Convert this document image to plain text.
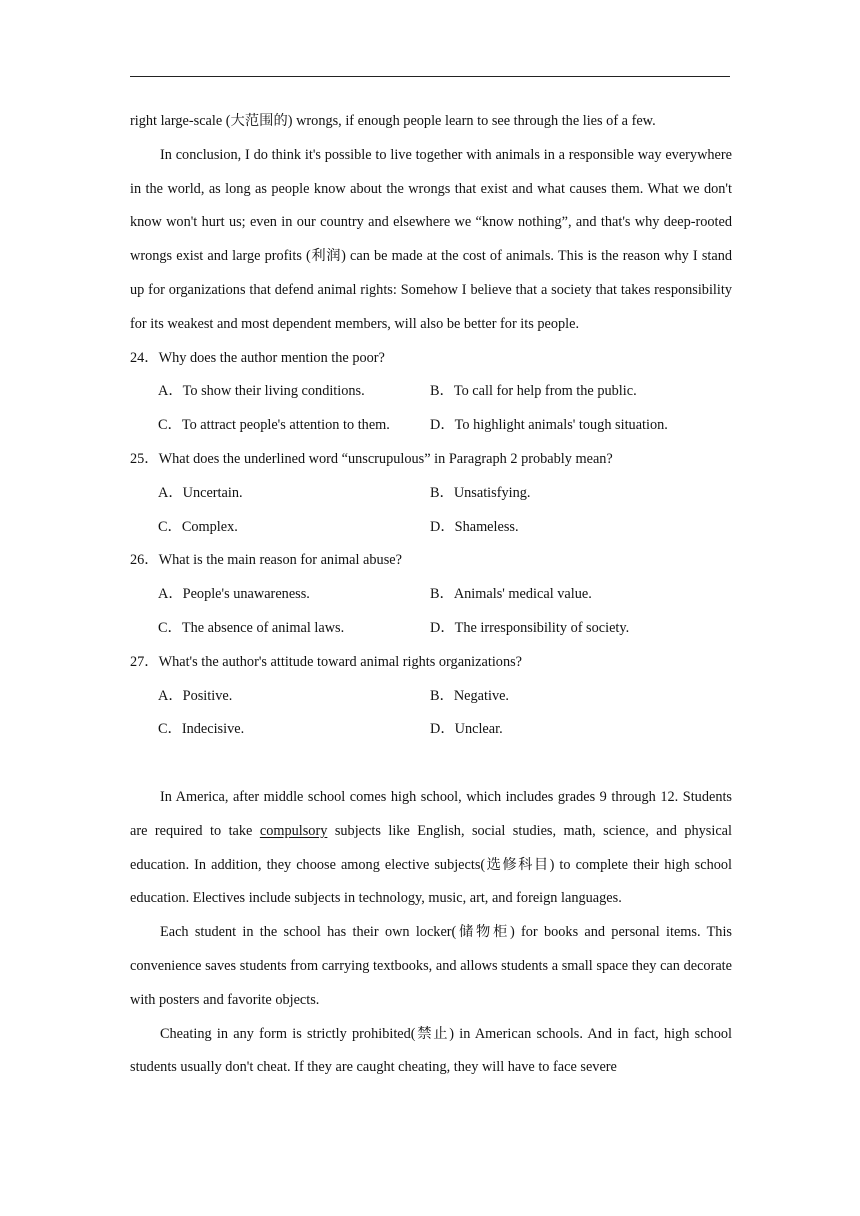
right large-scale (大范围的) wrongs, if enough people learn to see through the lies of a few.

In conclusion, I do think it's possible to live together with animals in a responsible way everywhere in the world, as long as people know about the wrongs that exist and what causes them. What we don't know won't hurt us; even in our country and elsewhere we “know nothing”, and that's why deep-rooted wrongs exist and large profits (利润) can be made at the cost of animals. This is the reason why I stand up for organizations that defend animal rights: Somehow I believe that a society that takes responsibility for its weakest and most dependent members, will also be better for its people.

24．Why does the author mention the poor?

A．To show their living conditions.	B．To call for help from the public.
C．To attract people's attention to them.	D．To highlight animals' tough situation.

25．What does the underlined word “unscrupulous” in Paragraph 2 probably mean?

A．Uncertain.	B．Unsatisfying.
C．Complex.	D．Shameless.

26．What is the main reason for animal abuse?

A．People's unawareness.	B．Animals' medical value.
C．The absence of animal laws.	D．The irresponsibility of society.

27．What's the author's attitude toward animal rights organizations?

A．Positive.	B．Negative.
C．Indecisive.	D．Unclear.

In America, after middle school comes high school, which includes grades 9 through 12. Students are required to take compulsory subjects like English, social studies, math, science, and physical education. In addition, they choose among elective subjects(选修科目) to complete their high school education. Electives include subjects in technology, music, art, and foreign languages.

Each student in the school has their own locker(储物柜) for books and personal items. This convenience saves students from carrying textbooks, and allows students a small space they can decorate with posters and favorite objects.

Cheating in any form is strictly prohibited(禁止) in American schools. And in fact, high school students usually don't cheat. If they are caught cheating, they will have to face severe
